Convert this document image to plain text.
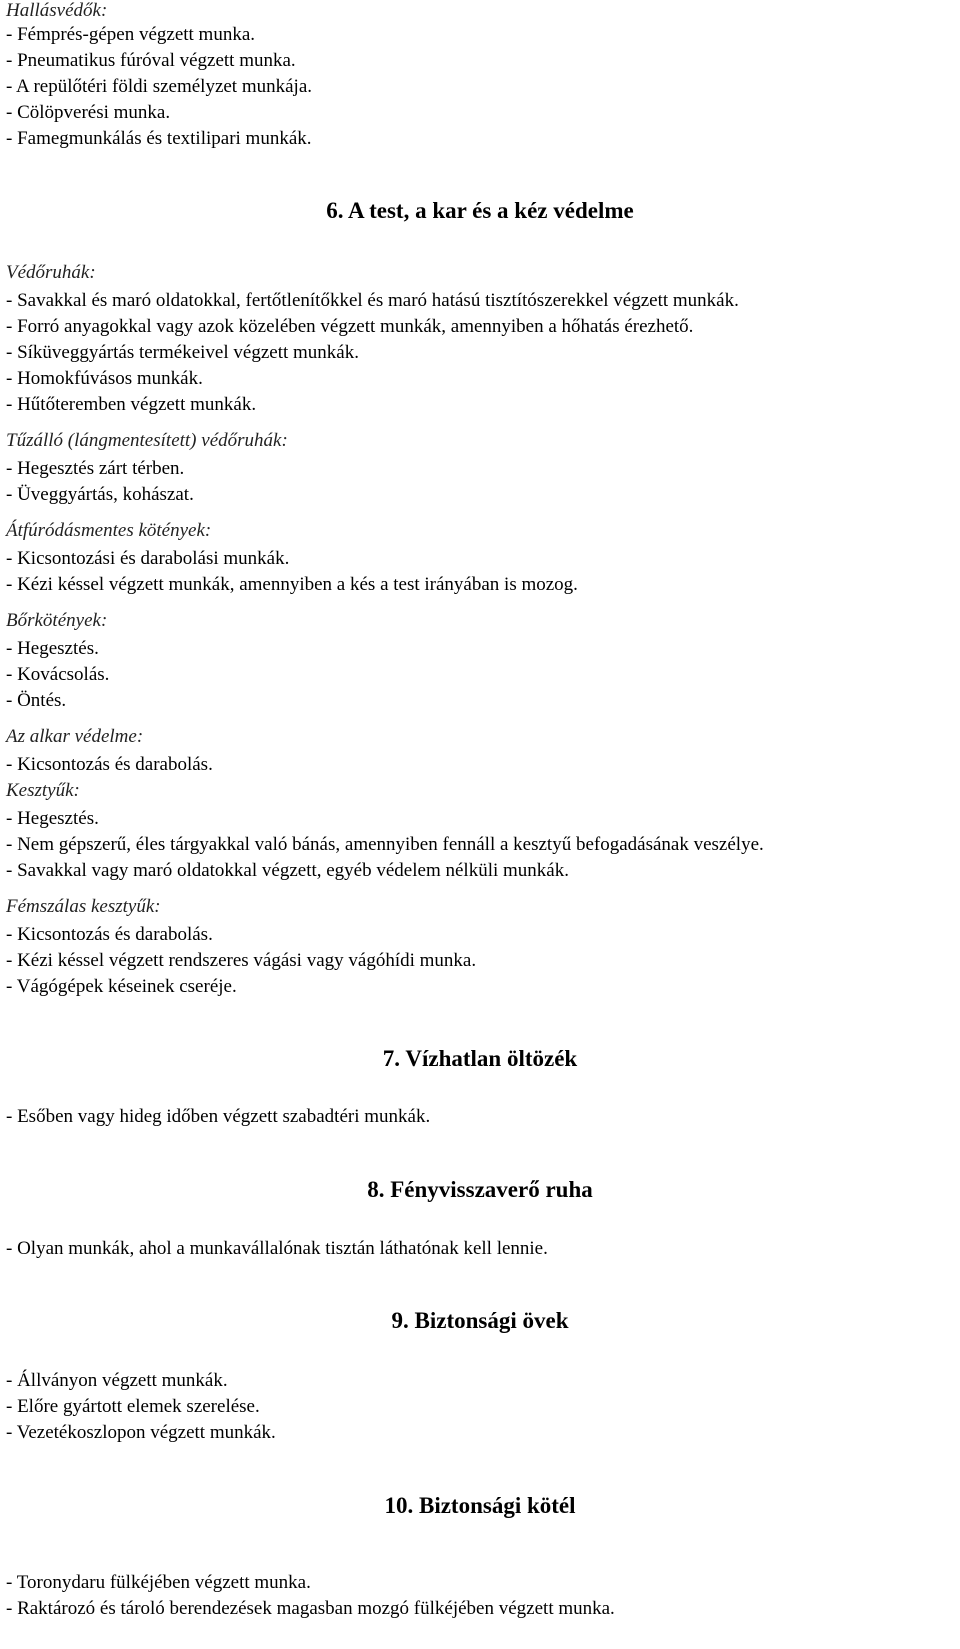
Hallásvédők:
- Fémprés-gépen végzett munka.
- Pneumatikus fúróval végzett munka.
- A repülőtéri földi személyzet munkája.
- Cölöpverési munka.
- Famegmunkálás és textilipari munkák.
6. A test, a kar és a kéz védelme
Védőruhák:
- Savakkal és maró oldatokkal, fertőtlenítőkkel és maró hatású tisztítószerekkel végzett munkák.
- Forró anyagokkal vagy azok közelében végzett munkák, amennyiben a hőhatás érezhető.
- Síküveggyártás termékeivel végzett munkák.
- Homokfúvásos munkák.
- Hűtőteremben végzett munkák.
Tűzálló (lángmentesített) védőruhák:
- Hegesztés zárt térben.
- Üveggyártás, kohászat.
Átfúródásmentes kötények:
- Kicsontozási és darabolási munkák.
- Kézi késsel végzett munkák, amennyiben a kés a test irányában is mozog.
Bőrkötények:
- Hegesztés.
- Kovácsolás.
- Öntés.
Az alkar védelme:
- Kicsontozás és darabolás.
Kesztyűk:
- Hegesztés.
- Nem gépszerű, éles tárgyakkal való bánás, amennyiben fennáll a kesztyű befogadásának veszélye.
- Savakkal vagy maró oldatokkal végzett, egyéb védelem nélküli munkák.
Fémszálas kesztyűk:
- Kicsontozás és darabolás.
- Kézi késsel végzett rendszeres vágási vagy vágóhídi munka.
- Vágógépek késeinek cseréje.
7. Vízhatlan öltözék
- Esőben vagy hideg időben végzett szabadtéri munkák.
8. Fényvisszaverő ruha
- Olyan munkák, ahol a munkavállalónak tisztán láthatónak kell lennie.
9. Biztonsági övek
- Állványon végzett munkák.
- Előre gyártott elemek szerelése.
- Vezetékoszlopon végzett munkák.
10. Biztonsági kötél
- Toronydaru fülkéjében végzett munka.
- Raktározó és tároló berendezések magasban mozgó fülkéjében végzett munka.
